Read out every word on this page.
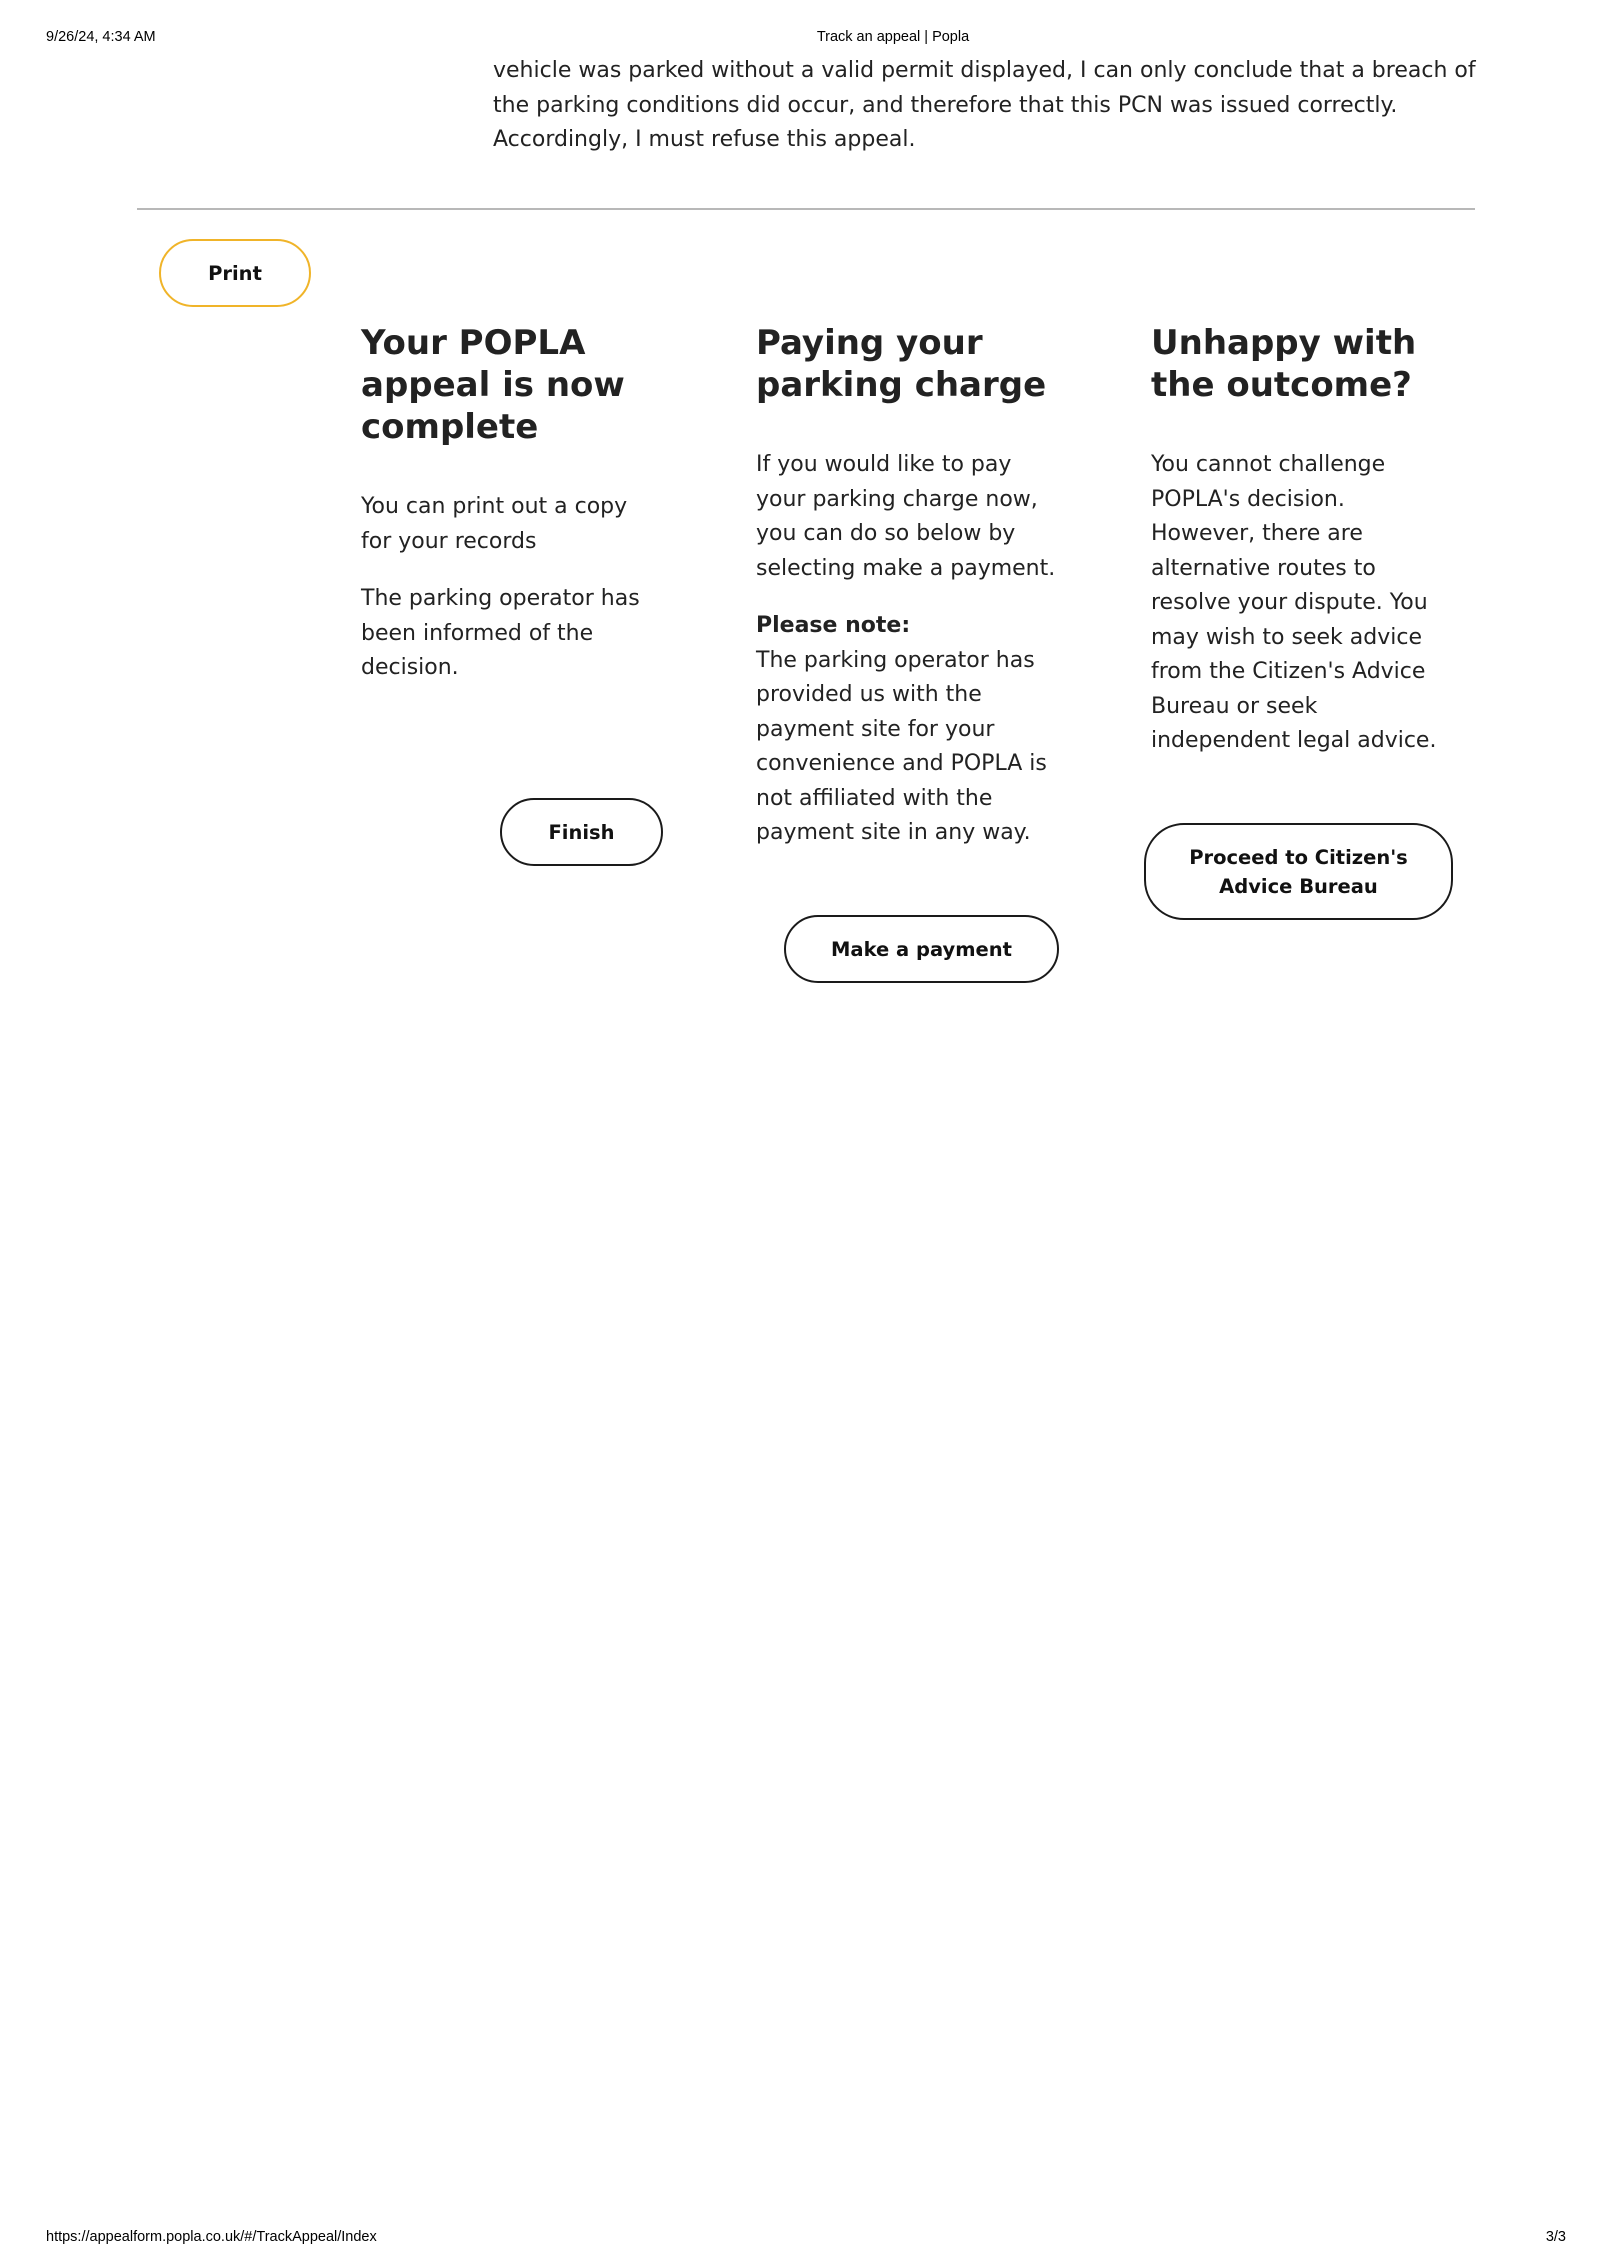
9/26/24, 4:34 AM	Track an appeal | Popla

vehicle was parked without a valid permit displayed, I can only conclude that a breach of the parking conditions did occur, and therefore that this PCN was issued correctly. Accordingly, I must refuse this appeal.

Print
Your POPLA appeal is now complete

You can print out a copy for your records

The parking operator has been informed of the decision.

Paying your parking charge

If you would like to pay your parking charge now, you can do so below by selecting make a payment.

Please note:

The parking operator has provided us with the payment site for your convenience and POPLA is not affiliated with the payment site in any way.

Unhappy with the outcome?

You cannot challenge POPLA's decision. However, there are alternative routes to resolve your dispute. You may wish to seek advice from the Citizen's Advice Bureau or seek independent legal advice.

Finish
Make a payment
Proceed to Citizen's Advice Bureau
https://appealform.popla.co.uk/#/TrackAppeal/Index	3/3
